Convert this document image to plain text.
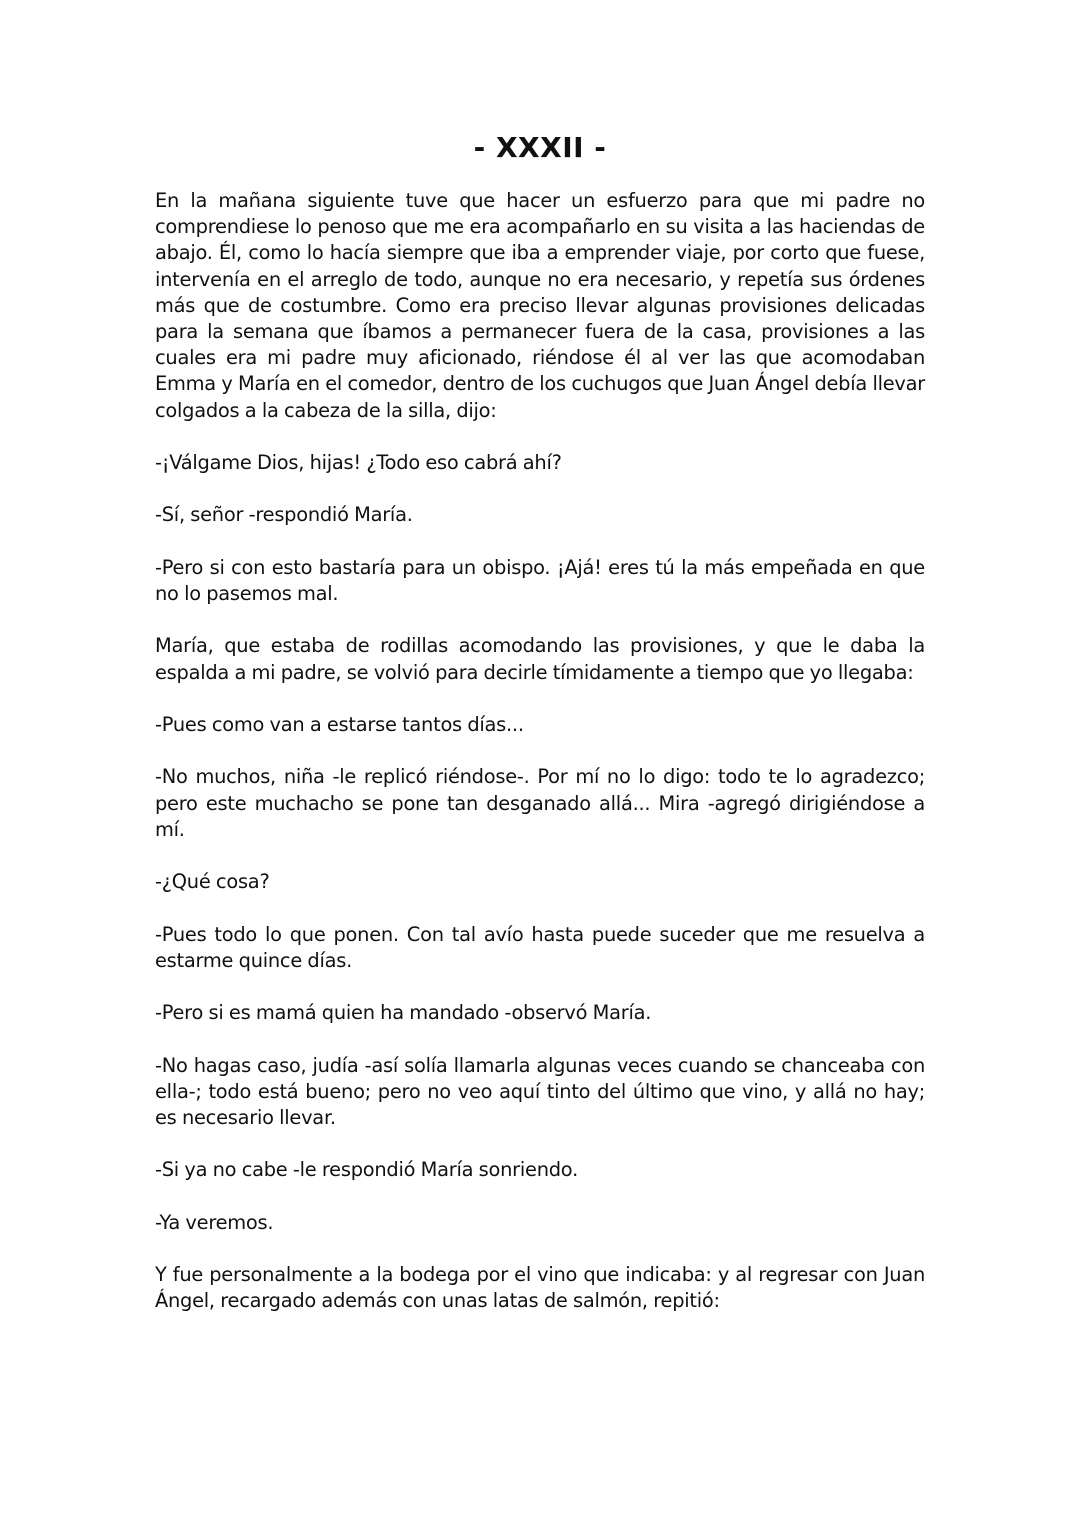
- XXXII -

En la mañana siguiente tuve que hacer un esfuerzo para que mi padre no comprendiese lo penoso que me era acompañarlo en su visita a las haciendas de abajo. Él, como lo hacía siempre que iba a emprender viaje, por corto que fuese, intervenía en el arreglo de todo, aunque no era necesario, y repetía sus órdenes más que de costumbre. Como era preciso llevar algunas provisiones delicadas para la semana que íbamos a permanecer fuera de la casa, provisiones a las cuales era mi padre muy aficionado, riéndose él al ver las que acomodaban Emma y María en el comedor, dentro de los cuchugos que Juan Ángel debía llevar colgados a la cabeza de la silla, dijo:

-¡Válgame Dios, hijas! ¿Todo eso cabrá ahí?

-Sí, señor -respondió María.

-Pero si con esto bastaría para un obispo. ¡Ajá! eres tú la más empeñada en que no lo pasemos mal.

María, que estaba de rodillas acomodando las provisiones, y que le daba la espalda a mi padre, se volvió para decirle tímidamente a tiempo que yo llegaba:

-Pues como van a estarse tantos días...

-No muchos, niña -le replicó riéndose-. Por mí no lo digo: todo te lo agradezco; pero este muchacho se pone tan desganado allá... Mira -agregó dirigiéndose a mí.

-¿Qué cosa?

-Pues todo lo que ponen. Con tal avío hasta puede suceder que me resuelva a estarme quince días.

-Pero si es mamá quien ha mandado -observó María.

-No hagas caso, judía -así solía llamarla algunas veces cuando se chanceaba con ella-; todo está bueno; pero no veo aquí tinto del último que vino, y allá no hay; es necesario llevar.

-Si ya no cabe -le respondió María sonriendo.

-Ya veremos.

Y fue personalmente a la bodega por el vino que indicaba: y al regresar con Juan Ángel, recargado además con unas latas de salmón, repitió:
